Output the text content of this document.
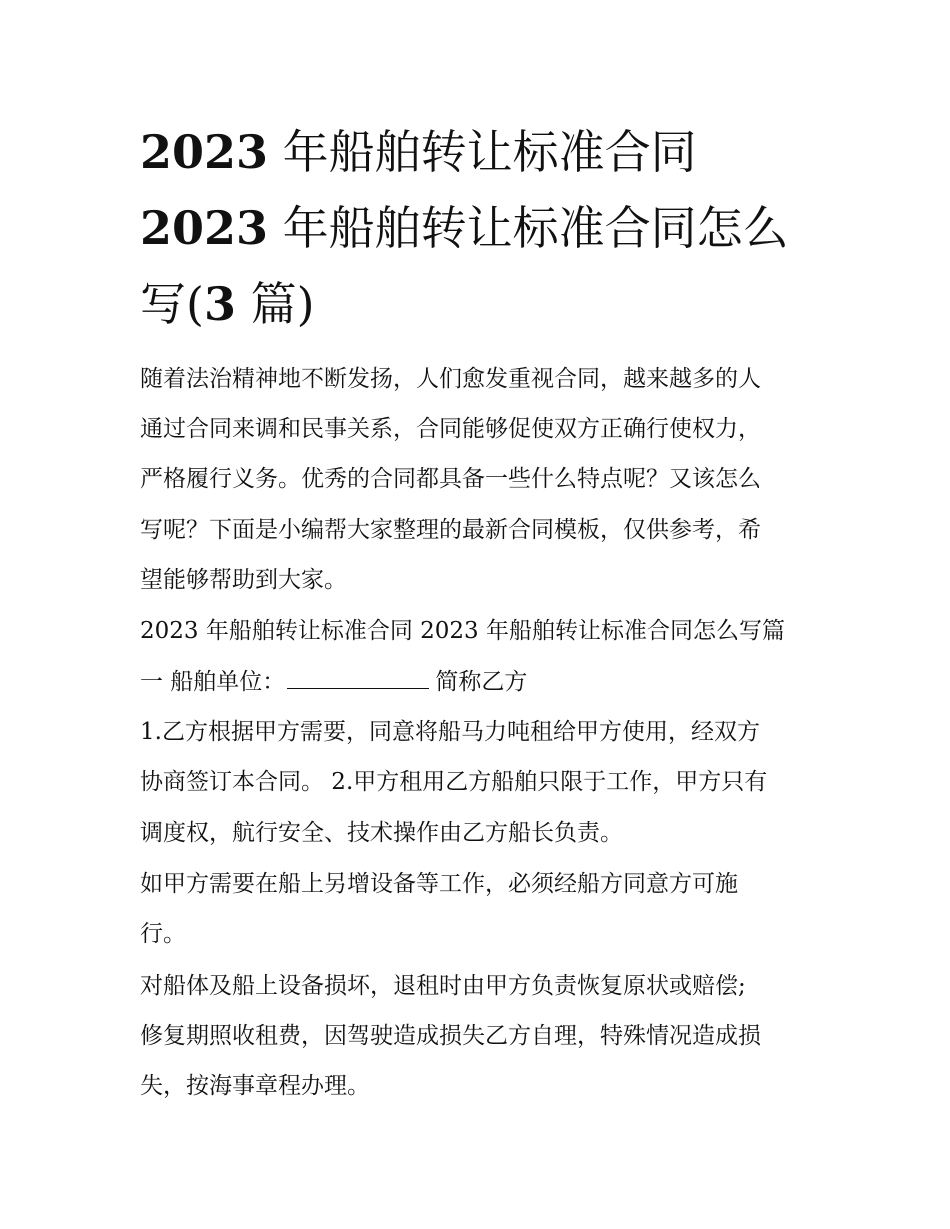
2023 年船舶转让标准合同
2023 年船舶转让标准合同怎么
写(3 篇)

随着法治精神地不断发扬，人们愈发重视合同，越来越多的人

通过合同来调和民事关系，合同能够促使双方正确行使权力，

严格履行义务。优秀的合同都具备一些什么特点呢？又该怎么

写呢？下面是小编帮大家整理的最新合同模板，仅供参考，希

望能够帮助到大家。

2023 年船舶转让标准合同 2023 年船舶转让标准合同怎么写篇

一 船舶单位：	简称乙方

1.乙方根据甲方需要，同意将船马力吨租给甲方使用，经双方

协商签订本合同。 2.甲方租用乙方船舶只限于工作，甲方只有

调度权，航行安全、技术操作由乙方船长负责。

如甲方需要在船上另增设备等工作，必须经船方同意方可施

行。

对船体及船上设备损坏，退租时由甲方负责恢复原状或赔偿;

修复期照收租费，因驾驶造成损失乙方自理，特殊情况造成损

失，按海事章程办理。
